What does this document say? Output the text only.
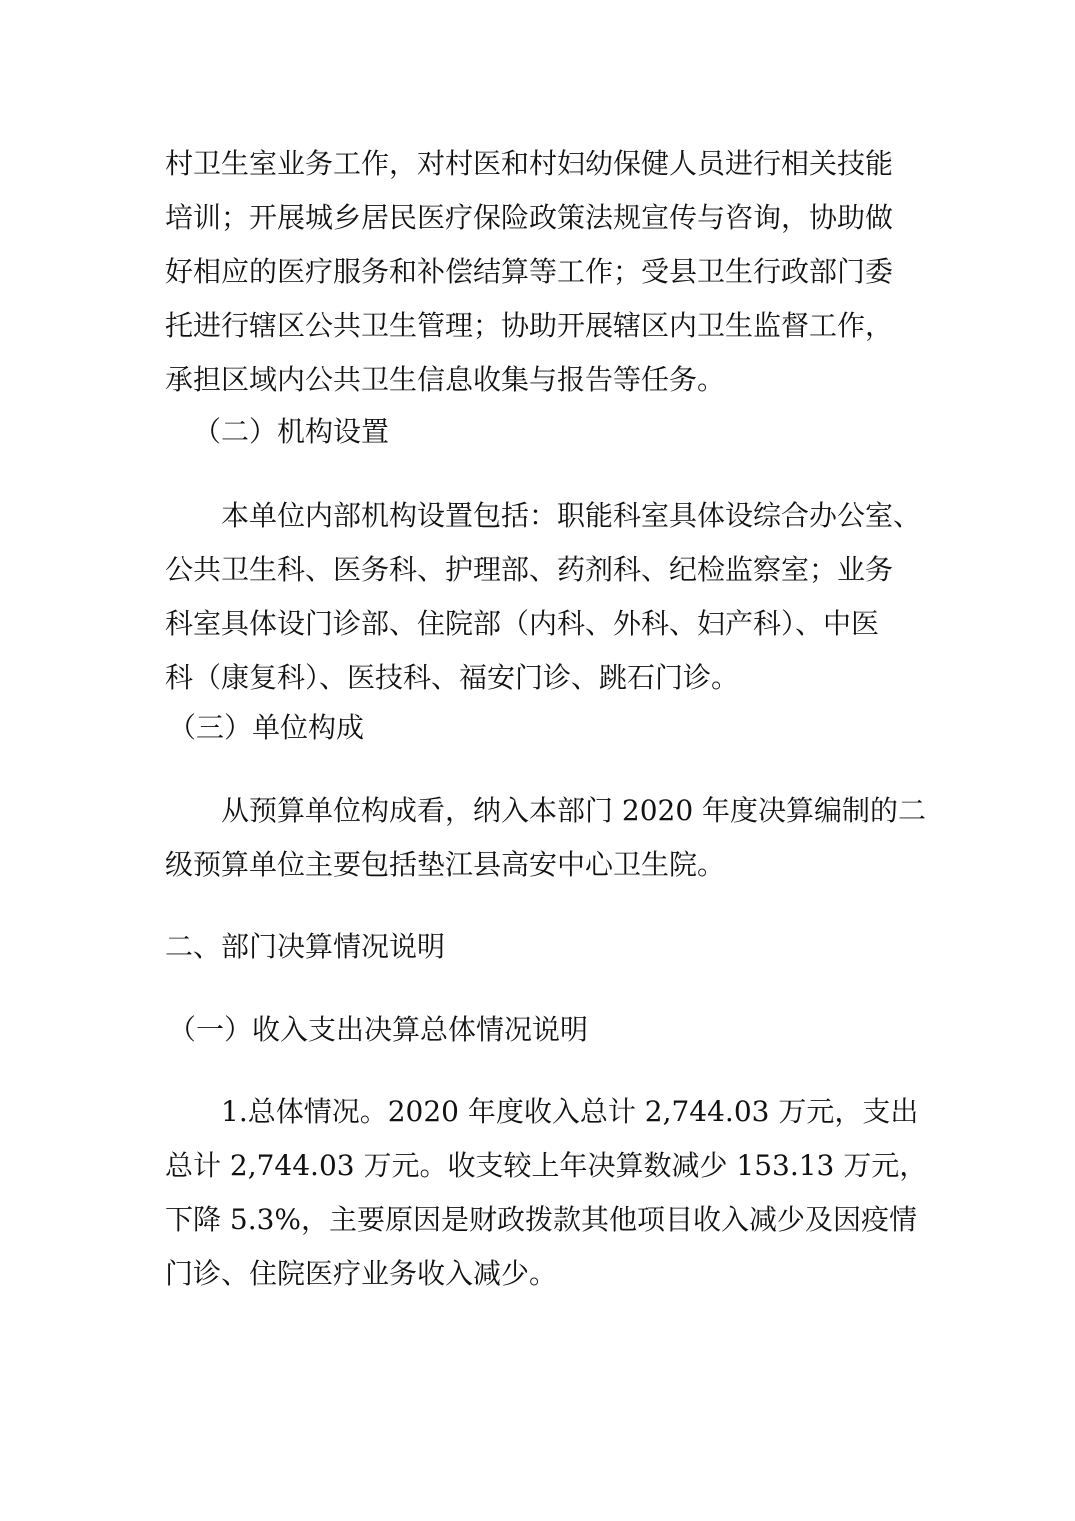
村卫生室业务工作，对村医和村妇幼保健人员进行相关技能
培训；开展城乡居民医疗保险政策法规宣传与咨询，协助做
好相应的医疗服务和补偿结算等工作；受县卫生行政部门委
托进行辖区公共卫生管理；协助开展辖区内卫生监督工作，
承担区域内公共卫生信息收集与报告等任务。
（二）机构设置
本单位内部机构设置包括：职能科室具体设综合办公室、
公共卫生科、医务科、护理部、药剂科、纪检监察室；业务
科室具体设门诊部、住院部（内科、外科、妇产科）、中医
科（康复科）、医技科、福安门诊、跳石门诊。
（三）单位构成
从预算单位构成看，纳入本部门 2020 年度决算编制的二
级预算单位主要包括垫江县高安中心卫生院。
二、部门决算情况说明
（一）收入支出决算总体情况说明
1.总体情况。2020 年度收入总计 2,744.03 万元，支出
总计 2,744.03 万元。收支较上年决算数减少 153.13 万元，
下降 5.3%，主要原因是财政拨款其他项目收入减少及因疫情
门诊、住院医疗业务收入减少。
